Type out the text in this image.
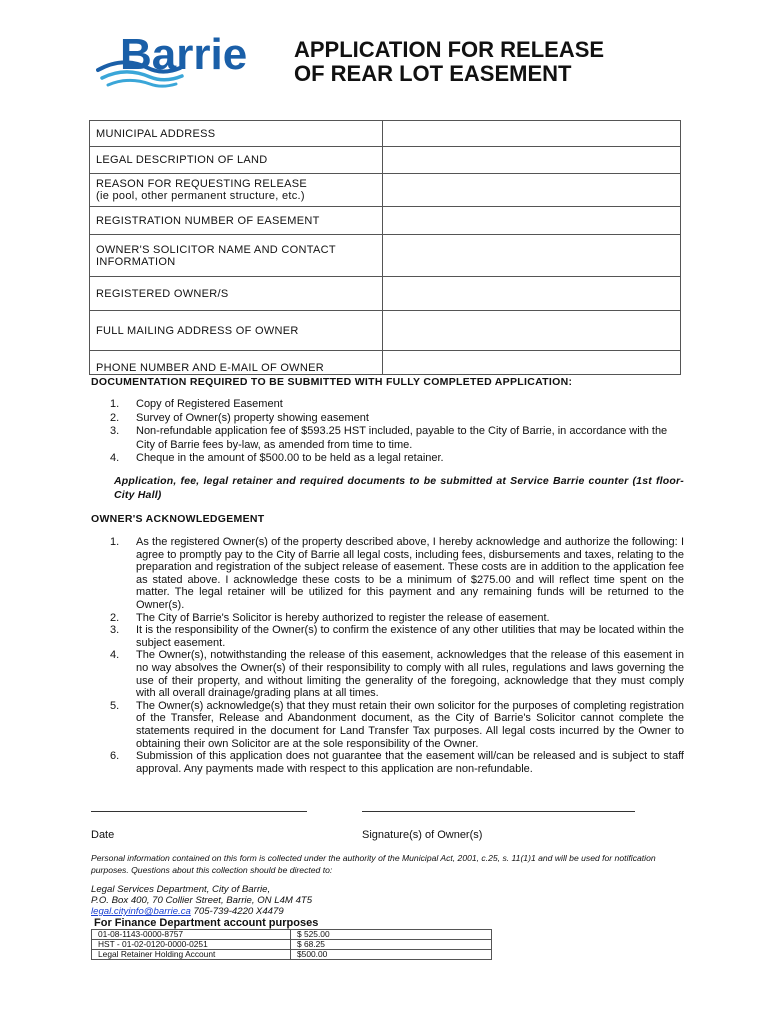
Barrie APPLICATION FOR RELEASE
OF REAR LOT EASEMENT
MUNICIPAL ADDRESS	
LEGAL DESCRIPTION OF LAND	

REASON FOR REQUESTING RELEASE
(ie pool, other permanent structure, etc.)	

REGISTRATION NUMBER OF EASEMENT	

OWNER'S SOLICITOR NAME AND CONTACT
INFORMATION	

REGISTERED OWNER/S	
FULL MAILING ADDRESS OF OWNER	
PHONE NUMBER AND E-MAIL OF OWNER	
DOCUMENTATION REQUIRED TO BE SUBMITTED WITH FULLY COMPLETED APPLICATION:
1. Copy of Registered Easement
2. Survey of Owner(s) property showing easement
3. Non-refundable application fee of $593.25 HST included, payable to the City of Barrie, in accordance with the City of Barrie fees by-law, as amended from time to time.
4. Cheque in the amount of $500.00 to be held as a legal retainer.
Application, fee, legal retainer and required documents to be submitted at Service Barrie counter (1st floor-City Hall)
OWNER'S ACKNOWLEDGEMENT
1. As the registered Owner(s) of the property described above, I hereby acknowledge and authorize the following: I agree to promptly pay to the City of Barrie all legal costs, including fees, disbursements and taxes, relating to the preparation and registration of the subject release of easement. These costs are in addition to the application fee as stated above. I acknowledge these costs to be a minimum of $275.00 and will reflect time spent on the matter. The legal retainer will be utilized for this payment and any remaining funds will be returned to the Owner(s).
2. The City of Barrie's Solicitor is hereby authorized to register the release of easement.
3. It is the responsibility of the Owner(s) to confirm the existence of any other utilities that may be located within the subject easement.
4. The Owner(s), notwithstanding the release of this easement, acknowledges that the release of this easement in no way absolves the Owner(s) of their responsibility to comply with all rules, regulations and laws governing the use of their property, and without limiting the generality of the foregoing, acknowledge that they must comply with all overall drainage/grading plans at all times.
5. The Owner(s) acknowledge(s) that they must retain their own solicitor for the purposes of completing registration of the Transfer, Release and Abandonment document, as the City of Barrie's Solicitor cannot complete the statements required in the document for Land Transfer Tax purposes. All legal costs incurred by the Owner to obtaining their own Solicitor are at the sole responsibility of the Owner.
6. Submission of this application does not guarantee that the easement will/can be released and is subject to staff approval. Any payments made with respect to this application are non-refundable.
Date	Signature(s) of Owner(s)
Personal information contained on this form is collected under the authority of the Municipal Act, 2001, c.25, s. 11(1)1 and will be used for notification purposes. Questions about this collection should be directed to:
Legal Services Department, City of Barrie,
P.O. Box 400, 70 Collier Street, Barrie, ON L4M 4T5
legal.cityinfo@barrie.ca 705-739-4220 X4479
For Finance Department account purposes
01-08-1143-0000-8757	$ 525.00
HST - 01-02-0120-0000-0251	$ 68.25
Legal Retainer Holding Account	$500.00
